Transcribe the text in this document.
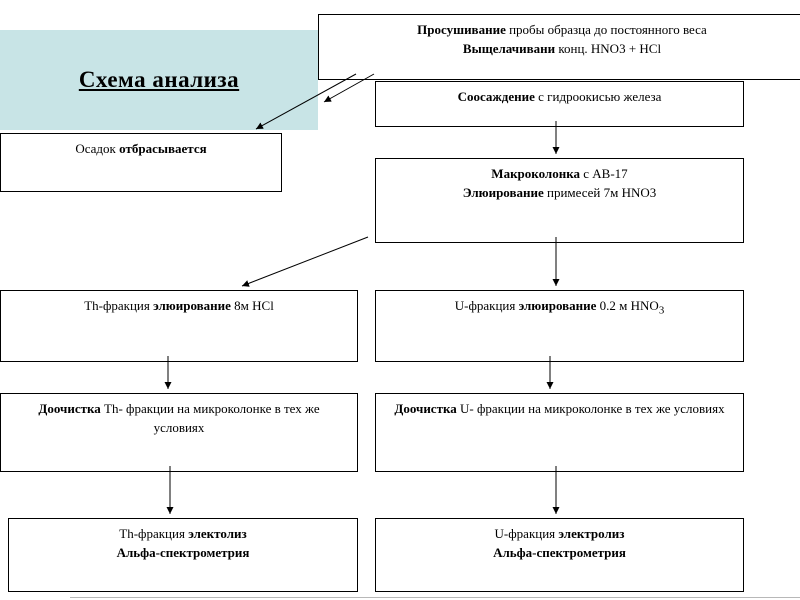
Схема анализа
Просушивание пробы образца до постоянного веса
Выщелачивани конц. HNO3 + HCl
Соосаждение с гидроокисью железа
Осадок отбрасывается
Макроколонка с АВ-17
Элюирование примесей 7м HNO3
Th-фракция элюирование 8м HCl	U-фракция элюирование 0.2 м $HNO_3$
Доочистка Th- фракции на микроколонке в тех же условиях
Доочистка U- фракции на микроколонке в тех же условиях
Th-фракция электолиз
Альфа-спектрометрия
U-фракция электролиз
Альфа-спектрометрия
